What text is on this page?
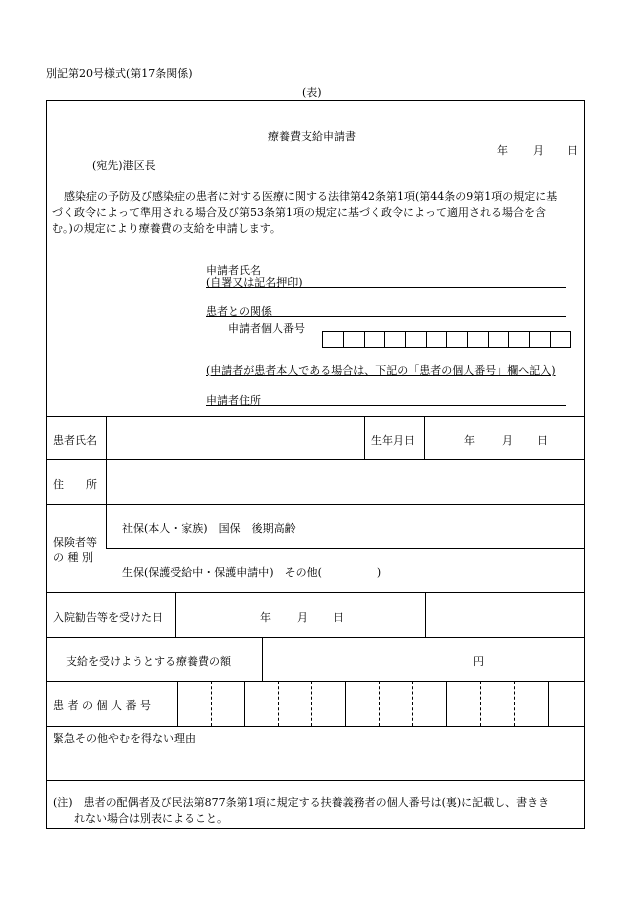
別記第20号様式(第17条関係)
(表)
療養費支給申請書
年 月 日
(宛先)港区長
感染症の予防及び感染症の患者に対する医療に関する法律第42条第1項(第44条の9第1項の規定に基
づく政令によって準用される場合及び第53条第1項の規定に基づく政令によって適用される場合を含
む。)の規定により療養費の支給を申請します。
申請者氏名
(自署又は記名押印)
患者との関係
申請者個人番号
(申請者が患者本人である場合は、下記の「患者の個人番号」欄へ記入)
申請者住所
患者氏名	生年月日	年 月 日
住　　所
保険者等
の 種 別
社保(本人・家族)　国保　後期高齢
生保(保護受給中・保護申請中)　その他(　　　　　)
入院勧告等を受けた日	年 月 日
支給を受けようとする療養費の額	円
患 者 の 個 人 番 号
緊急その他やむを得ない理由
(注)　患者の配偶者及び民法第877条第1項に規定する扶養義務者の個人番号は(裏)に記載し、書きき
れない場合は別表によること。
